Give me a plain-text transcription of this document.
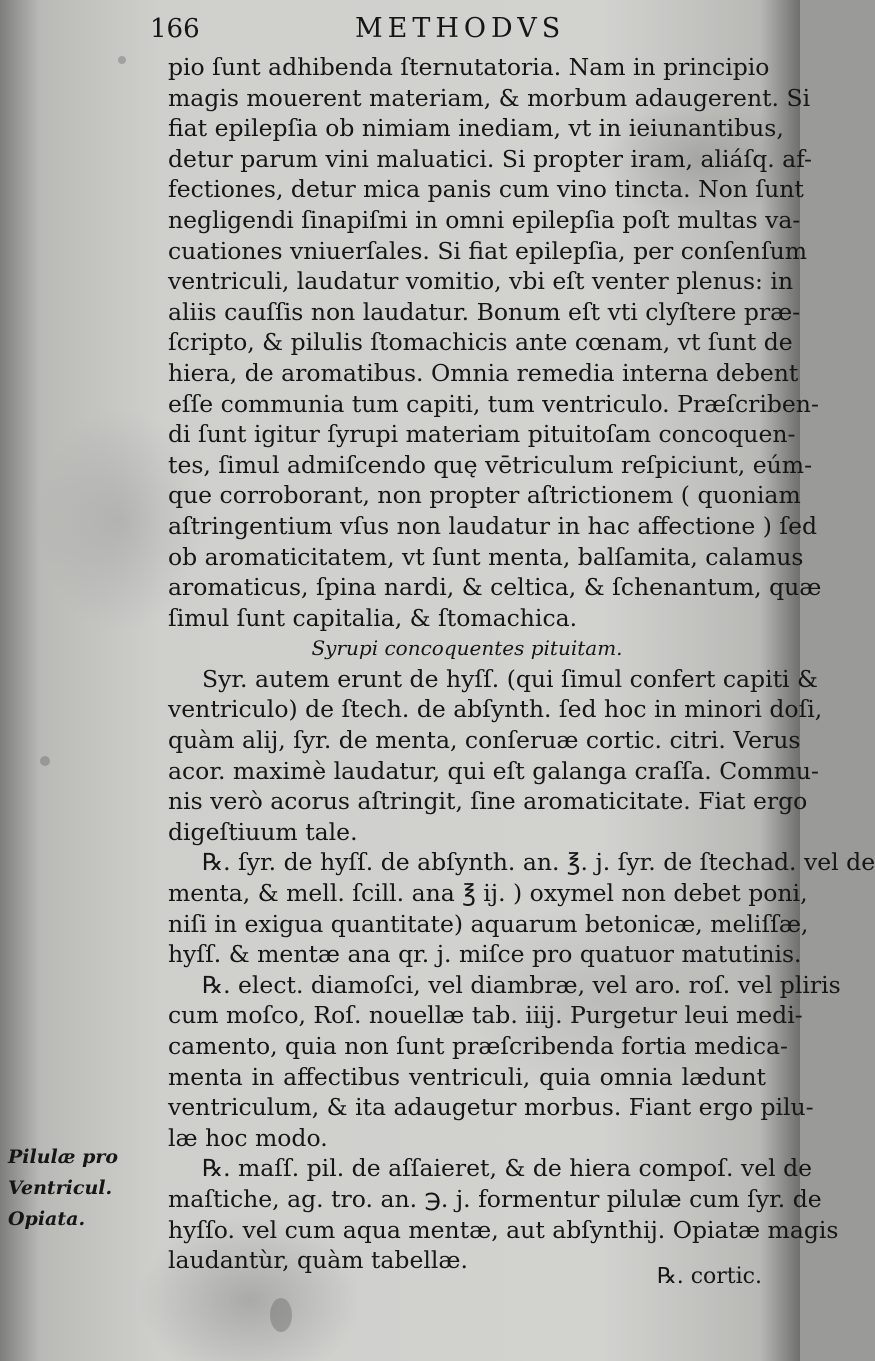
166	METHODVS
pio ſunt adhibenda ſternutatoria. Nam in principio
magis mouerent materiam, & morbum adaugerent. Si
fiat epilepſia ob nimiam inediam, vt in ieiunantibus,
detur parum vini maluatici. Si propter iram, aliáſq. af-
fectiones, detur mica panis cum vino tincta. Non ſunt
negligendi ſinapiſmi in omni epilepſia poſt multas va-
cuationes vniuerſales. Si fiat epilepſia, per conſenſum
ventriculi, laudatur vomitio, vbi eſt venter plenus: in
aliis cauſſis non laudatur. Bonum eſt vti clyſtere præ-
ſcripto, & pilulis ſtomachicis ante cœnam, vt ſunt de
hiera, de aromatibus. Omnia remedia interna debent
eſſe communia tum capiti, tum ventriculo. Præſcriben-
di ſunt igitur ſyrupi materiam pituitoſam concoquen-
tes, ſimul admiſcendo quę vētriculum reſpiciunt, eúm-
que corroborant, non propter aſtrictionem ( quoniam
aſtringentium vſus non laudatur in hac affectione ) ſed
ob aromaticitatem, vt ſunt menta, balſamita, calamus
aromaticus, ſpina nardi, & celtica, & ſchenantum, quæ
ſimul ſunt capitalia, & ſtomachica.
Syrupi concoquentes pituitam.
Syr. autem erunt de hyſſ. (qui ſimul confert capiti &
ventriculo) de ſtech. de abſynth. ſed hoc in minori doſi,
quàm alij, ſyr. de menta, conſeruæ cortic. citri. Verus
acor. maximè laudatur, qui eſt galanga craſſa. Commu-
nis verò acorus aſtringit, ſine aromaticitate. Fiat ergo
digeſtiuum tale.
℞. ſyr. de hyſſ. de abſynth. an. ℥. j. ſyr. de ſtechad. vel de
menta, & mell. ſcill. ana ℥ ij. ) oxymel non debet poni,
niſi in exigua quantitate) aquarum betonicæ, meliſſæ,
hyſſ. & mentæ ana qr. j. miſce pro quatuor matutinis.
℞. elect. diamoſci, vel diambræ, vel aro. roſ. vel pliris
cum moſco, Roſ. nouellæ tab. iiij. Purgetur leui medi-
camento, quia non ſunt præſcribenda fortia medica-
menta in affectibus ventriculi, quia omnia lædunt
ventriculum, & ita adaugetur morbus. Fiant ergo pilu-
læ hoc modo.
℞. maſſ. pil. de aſſaieret, & de hiera compoſ. vel de
maſtiche, ag. tro. an. ℈. j. formentur pilulæ cum ſyr. de
hyſſo. vel cum aqua mentæ, aut abſynthij. Opiatæ magis
laudantùr, quàm tabellæ.
Pilulæ pro
Ventricul.
Opiata.
℞. cortic.
